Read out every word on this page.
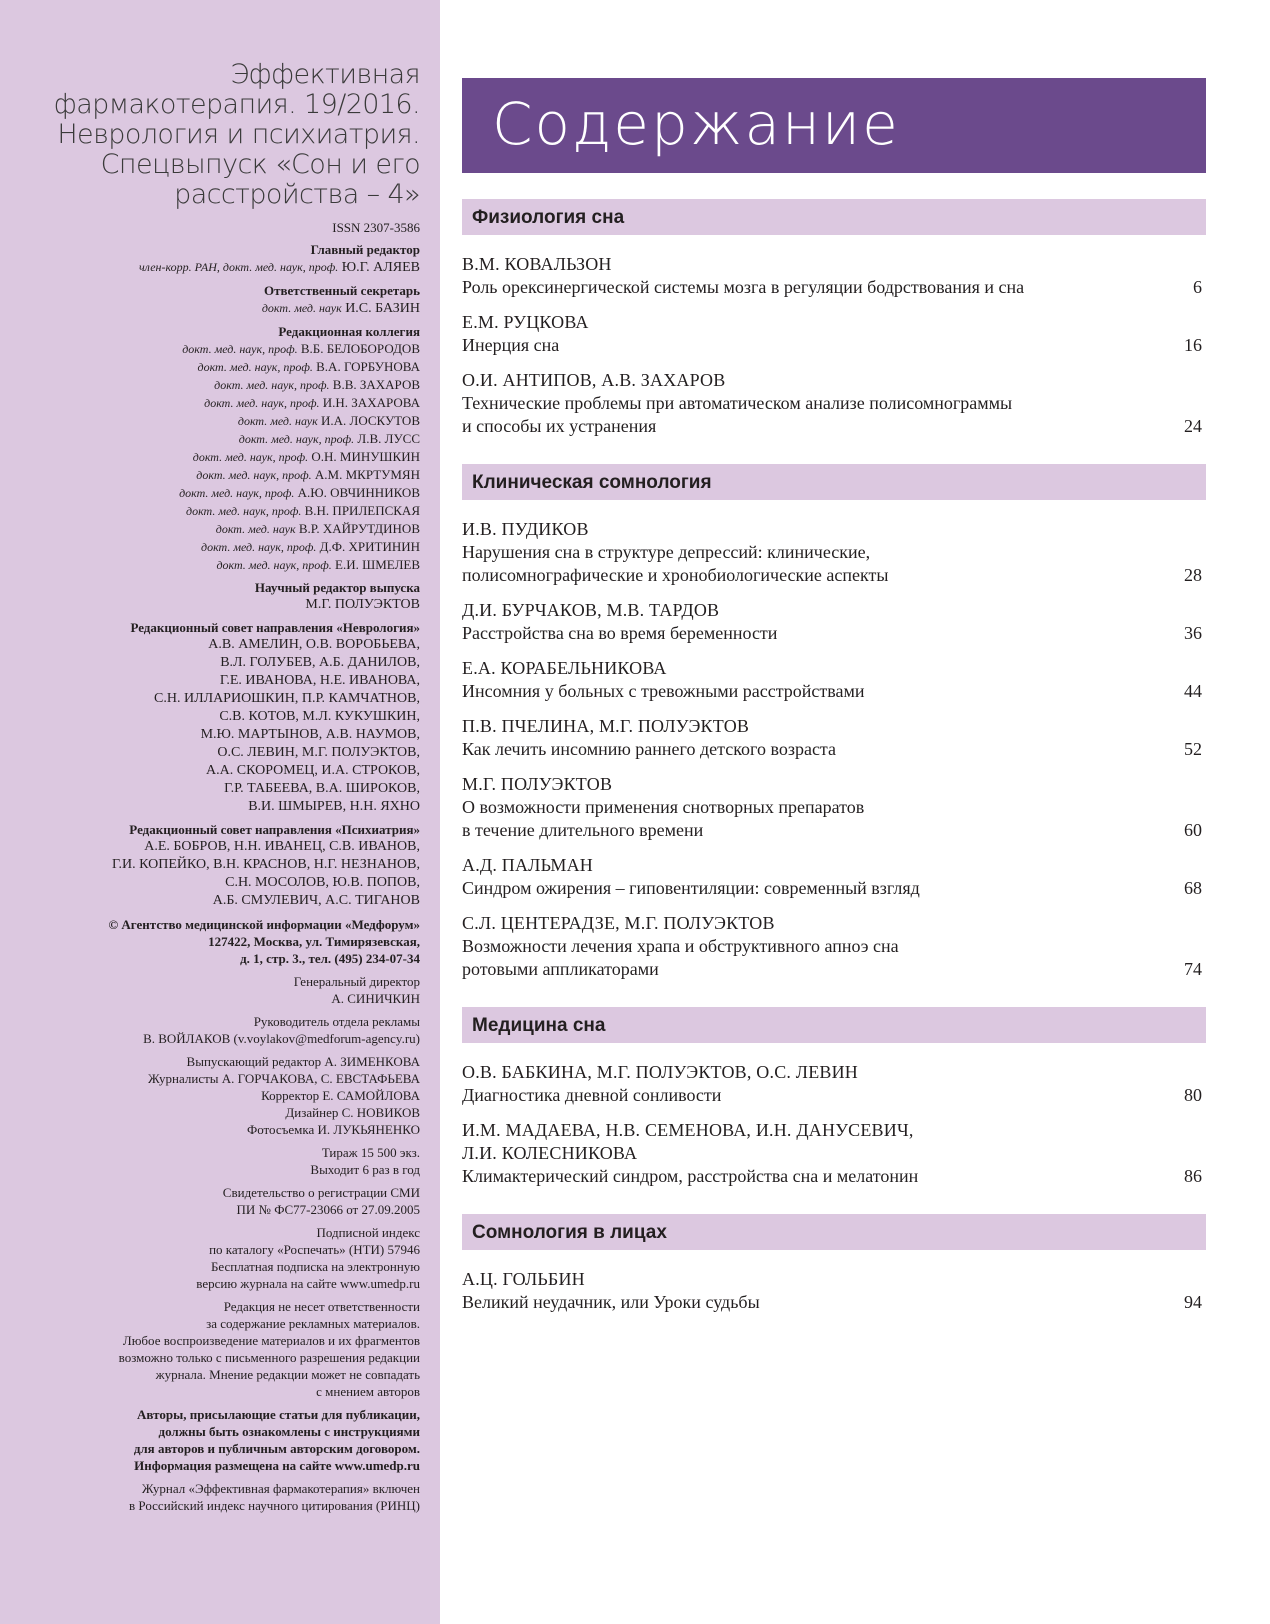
Эффективная
фармакотерапия. 19/2016.
Неврология и психиатрия.
Спецвыпуск «Сон и его
расстройства – 4»
ISSN 2307-3586
Главный редактор
член-корр. РАН, докт. мед. наук, проф. Ю.Г. АЛЯЕВ
Ответственный секретарь
докт. мед. наук И.С. БАЗИН
Редакционная коллегия
докт. мед. наук, проф. В.Б. БЕЛОБОРОДОВ
докт. мед. наук, проф. В.А. ГОРБУНОВА
докт. мед. наук, проф. В.В. ЗАХАРОВ
докт. мед. наук, проф. И.Н. ЗАХАРОВА
докт. мед. наук И.А. ЛОСКУТОВ
докт. мед. наук, проф. Л.В. ЛУСС
докт. мед. наук, проф. О.Н. МИНУШКИН
докт. мед. наук, проф. А.М. МКРТУМЯН
докт. мед. наук, проф. А.Ю. ОВЧИННИКОВ
докт. мед. наук, проф. В.Н. ПРИЛЕПСКАЯ
докт. мед. наук В.Р. ХАЙРУТДИНОВ
докт. мед. наук, проф. Д.Ф. ХРИТИНИН
докт. мед. наук, проф. Е.И. ШМЕЛЕВ
Научный редактор выпуска
М.Г. ПОЛУЭКТОВ
Редакционный совет направления «Неврология»
А.В. АМЕЛИН, О.В. ВОРОБЬЕВА,
В.Л. ГОЛУБЕВ, А.Б. ДАНИЛОВ,
Г.Е. ИВАНОВА, Н.Е. ИВАНОВА,
С.Н. ИЛЛАРИОШКИН, П.Р. КАМЧАТНОВ,
С.В. КОТОВ, М.Л. КУКУШКИН,
М.Ю. МАРТЫНОВ, А.В. НАУМОВ,
О.С. ЛЕВИН, М.Г. ПОЛУЭКТОВ,
А.А. СКОРОМЕЦ, И.А. СТРОКОВ,
Г.Р. ТАБЕЕВА, В.А. ШИРОКОВ,
В.И. ШМЫРЕВ, Н.Н. ЯХНО
Редакционный совет направления «Психиатрия»
А.Е. БОБРОВ, Н.Н. ИВАНЕЦ, С.В. ИВАНОВ,
Г.И. КОПЕЙКО, В.Н. КРАСНОВ, Н.Г. НЕЗНАНОВ,
С.Н. МОСОЛОВ, Ю.В. ПОПОВ,
А.Б. СМУЛЕВИЧ, А.С. ТИГАНОВ
© Агентство медицинской информации «Медфорум»
127422, Москва, ул. Тимирязевская,
д. 1, стр. 3., тел. (495) 234-07-34
Генеральный директор
А. СИНИЧКИН
Руководитель отдела рекламы
В. ВОЙЛАКОВ (v.voylakov@medforum-agency.ru)
Выпускающий редактор А. ЗИМЕНКОВА
Журналисты А. ГОРЧАКОВА, С. ЕВСТАФЬЕВА
Корректор Е. САМОЙЛОВА
Дизайнер С. НОВИКОВ
Фотосъемка И. ЛУКЬЯНЕНКО
Тираж 15 500 экз.
Выходит 6 раз в год
Свидетельство о регистрации СМИ
ПИ № ФС77-23066 от 27.09.2005
Подписной индекс
по каталогу «Роспечать» (НТИ) 57946
Бесплатная подписка на электронную
версию журнала на сайте www.umedp.ru
Редакция не несет ответственности
за содержание рекламных материалов.
Любое воспроизведение материалов и их фрагментов
возможно только с письменного разрешения редакции
журнала. Мнение редакции может не совпадать
с мнением авторов
Авторы, присылающие статьи для публикации,
должны быть ознакомлены с инструкциями
для авторов и публичным авторским договором.
Информация размещена на сайте www.umedp.ru
Журнал «Эффективная фармакотерапия» включен
в Российский индекс научного цитирования (РИНЦ)
Содержание
Физиология сна
В.М. КОВАЛЬЗОН
Роль орексинергической системы мозга в регуляции бодрствования и сна	6
Е.М. РУЦКОВА
Инерция сна	16
О.И. АНТИПОВ, А.В. ЗАХАРОВ
Технические проблемы при автоматическом анализе полисомнограммы
и способы их устранения	24
Клиническая сомнология
И.В. ПУДИКОВ
Нарушения сна в структуре депрессий: клинические,
полисомнографические и хронобиологические аспекты	28
Д.И. БУРЧАКОВ, М.В. ТАРДОВ
Расстройства сна во время беременности	36
Е.А. КОРАБЕЛЬНИКОВА
Инсомния у больных с тревожными расстройствами	44
П.В. ПЧЕЛИНА, М.Г. ПОЛУЭКТОВ
Как лечить инсомнию раннего детского возраста	52
М.Г. ПОЛУЭКТОВ
О возможности применения снотворных препаратов
в течение длительного времени	60
А.Д. ПАЛЬМАН
Синдром ожирения – гиповентиляции: современный взгляд	68
С.Л. ЦЕНТЕРАДЗЕ, М.Г. ПОЛУЭКТОВ
Возможности лечения храпа и обструктивного апноэ сна
ротовыми аппликаторами	74
Медицина сна
О.В. БАБКИНА, М.Г. ПОЛУЭКТОВ, О.С. ЛЕВИН
Диагностика дневной сонливости	80
И.М. МАДАЕВА, Н.В. СЕМЕНОВА, И.Н. ДАНУСЕВИЧ,
Л.И. КОЛЕСНИКОВА
Климактерический синдром, расстройства сна и мелатонин	86
Сомнология в лицах
А.Ц. ГОЛЬБИН
Великий неудачник, или Уроки судьбы	94
